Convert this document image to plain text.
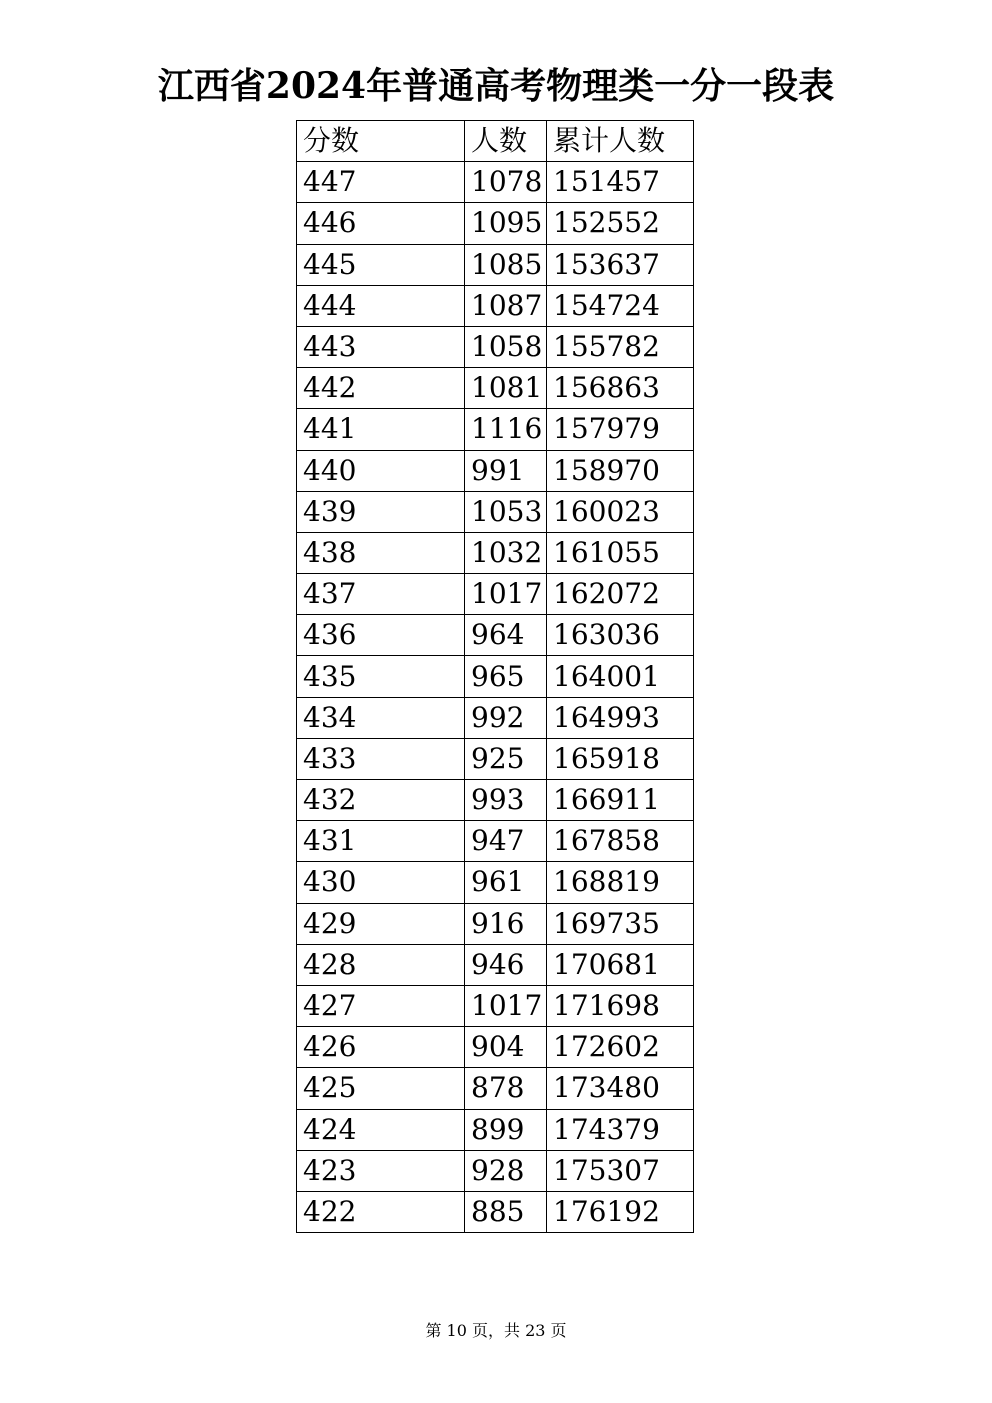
江西省2024年普通高考物理类一分一段表
分数	人数	累计人数
447	1078	151457
446	1095	152552
445	1085	153637
444	1087	154724
443	1058	155782
442	1081	156863
441	1116	157979
440	991	158970
439	1053	160023
438	1032	161055
437	1017	162072
436	964	163036
435	965	164001
434	992	164993
433	925	165918
432	993	166911
431	947	167858
430	961	168819
429	916	169735
428	946	170681
427	1017	171698
426	904	172602
425	878	173480
424	899	174379
423	928	175307
422	885	176192
第 10 页，共 23 页
